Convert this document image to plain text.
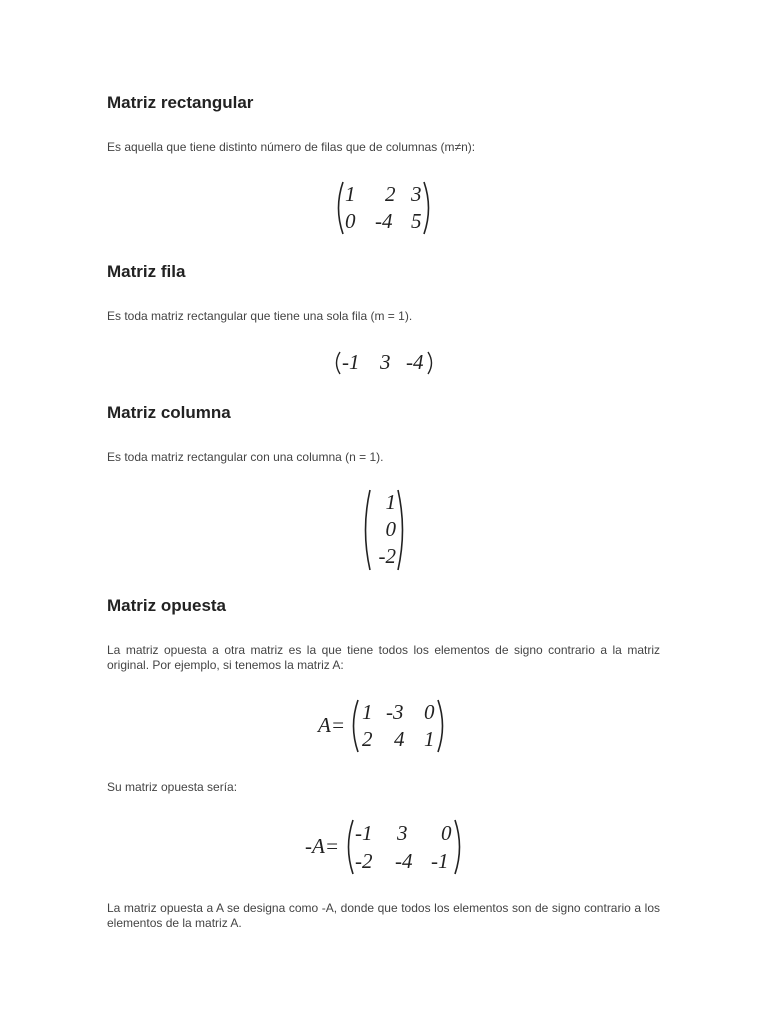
Matriz rectangular

Es aquella que tiene distinto número de filas que de columnas (m≠n):

1 2 3
0 -4 5
Matriz fila

Es toda matriz rectangular que tiene una sola fila (m = 1).

-1 3 -4
Matriz columna

Es toda matriz rectangular con una columna (n = 1).

1
0
-2
Matriz opuesta

La matriz opuesta a otra matriz es la que tiene todos los elementos de signo contrario a la matriz original. Por ejemplo, si tenemos la matriz A:

A=
1 -3 0
2 4 1

Su matriz opuesta sería:

-A=
-1 3 0
-2 -4 -1

La matriz opuesta a A se designa como -A, donde que todos los elementos son de signo contrario a los elementos de la matriz A.
